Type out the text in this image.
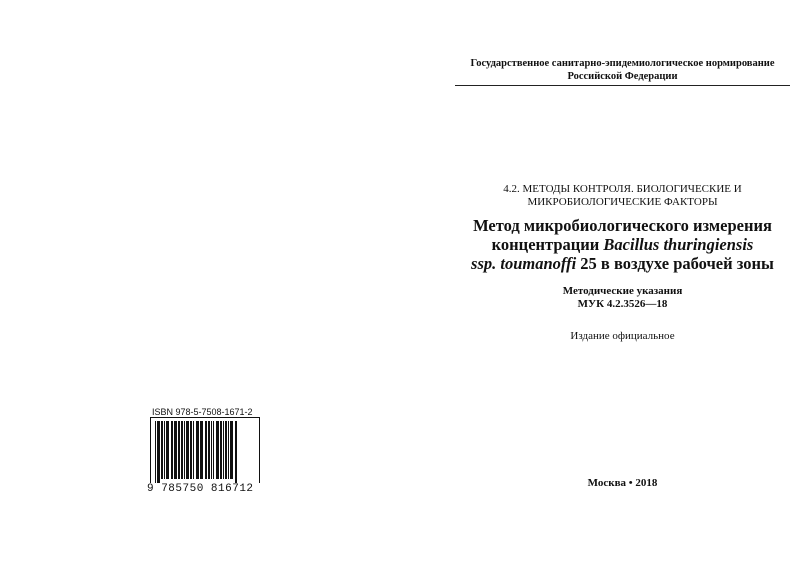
Государственное санитарно-эпидемиологическое нормирование
Российской Федерации
4.2. МЕТОДЫ КОНТРОЛЯ. БИОЛОГИЧЕСКИЕ И
МИКРОБИОЛОГИЧЕСКИЕ ФАКТОРЫ
Метод микробиологического измерения
концентрации Bacillus thuringiensis
ssp. toumanoffi 25 в воздухе рабочей зоны
Методические указания
МУК 4.2.3526—18
Издание официальное
Москва • 2018
ISBN 978-5-7508-1671-2
9 785750 816712
